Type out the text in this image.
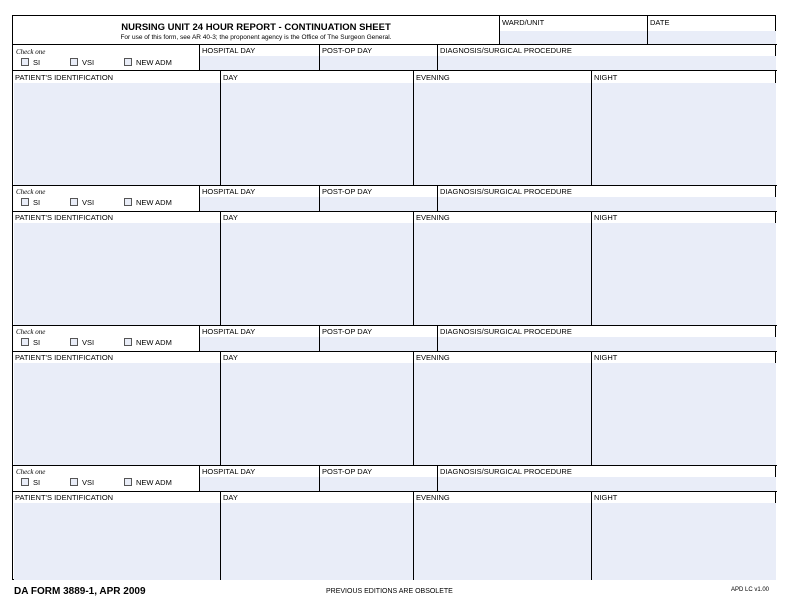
NURSING UNIT 24 HOUR REPORT - CONTINUATION SHEET
For use of this form, see AR 40-3; the proponent agency is the Office of The Surgeon General.
WARD/UNIT	DATE
Check one
SI	VSI	NEW ADM
HOSPITAL DAY	POST-OP DAY	DIAGNOSIS/SURGICAL PROCEDURE
PATIENT'S IDENTIFICATION	DAY	EVENING	NIGHT
Check one
SI	VSI	NEW ADM
HOSPITAL DAY	POST-OP DAY	DIAGNOSIS/SURGICAL PROCEDURE
PATIENT'S IDENTIFICATION	DAY	EVENING	NIGHT
Check one
SI	VSI	NEW ADM
HOSPITAL DAY	POST-OP DAY	DIAGNOSIS/SURGICAL PROCEDURE
PATIENT'S IDENTIFICATION	DAY	EVENING	NIGHT
Check one
SI	VSI	NEW ADM
HOSPITAL DAY	POST-OP DAY	DIAGNOSIS/SURGICAL PROCEDURE
PATIENT'S IDENTIFICATION	DAY	EVENING	NIGHT
DA FORM 3889-1, APR 2009	PREVIOUS EDITIONS ARE OBSOLETE	APD LC v1.00
